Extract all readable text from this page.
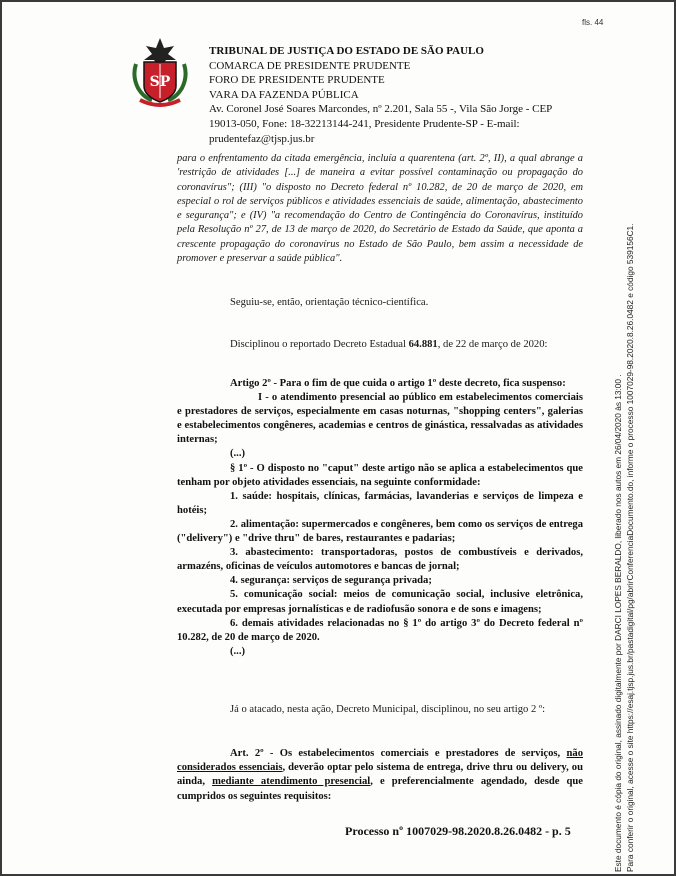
fls. 44
SP
TRIBUNAL DE JUSTIÇA DO ESTADO DE SÃO PAULO
COMARCA DE PRESIDENTE PRUDENTE
FORO DE PRESIDENTE PRUDENTE
VARA DA FAZENDA PÚBLICA
Av. Coronel José Soares Marcondes, nº 2.201, Sala 55 -, Vila São Jorge - CEP
19013-050, Fone: 18-32213144-241, Presidente Prudente-SP - E-mail:
prudentefaz@tjsp.jus.br
para o enfrentamento da citada emergência, incluía a quarentena (art. 2º, II), a qual abrange a 'restrição de atividades [...] de maneira a evitar possível contaminação ou propagação do coronavírus"; (III) "o disposto no Decreto federal nº 10.282, de 20 de março de 2020, em especial o rol de serviços públicos e atividades essenciais de saúde, alimentação, abastecimento e segurança"; e (IV) "a recomendação do Centro de Contingência do Coronavírus, instituído pela Resolução nº 27, de 13 de março de 2020, do Secretário de Estado da Saúde, que aponta a crescente propagação do coronavírus no Estado de São Paulo, bem assim a necessidade de promover e preservar a saúde pública".
Seguiu-se, então, orientação técnico-científica.
Disciplinou o reportado Decreto Estadual 64.881, de 22 de março de 2020:

Artigo 2º - Para o fim de que cuida o artigo 1º deste decreto, fica suspenso:

I - o atendimento presencial ao público em estabelecimentos comerciais e prestadores de serviços, especialmente em casas noturnas, "shopping centers", galerias e estabelecimentos congêneres, academias e centros de ginástica, ressalvadas as atividades internas;

(...)

§ 1º - O disposto no "caput" deste artigo não se aplica a estabelecimentos que tenham por objeto atividades essenciais, na seguinte conformidade:

1. saúde: hospitais, clínicas, farmácias, lavanderias e serviços de limpeza e hotéis;

2. alimentação: supermercados e congêneres, bem como os serviços de entrega ("delivery") e "drive thru" de bares, restaurantes e padarias;

3. abastecimento: transportadoras, postos de combustíveis e derivados, armazéns, oficinas de veículos automotores e bancas de jornal;

4. segurança: serviços de segurança privada;

5. comunicação social: meios de comunicação social, inclusive eletrônica, executada por empresas jornalísticas e de radiofusão sonora e de sons e imagens;

6. demais atividades relacionadas no § 1º do artigo 3º do Decreto federal nº 10.282, de 20 de março de 2020.

(...)

Já o atacado, nesta ação, Decreto Municipal, disciplinou, no seu artigo 2 º:
Art. 2º - Os estabelecimentos comerciais e prestadores de serviços, não considerados essenciais, deverão optar pelo sistema de entrega, drive thru ou delivery, ou ainda, mediante atendimento presencial, e preferencialmente agendado, desde que cumpridos os seguintes requisitos:
Processo nº 1007029-98.2020.8.26.0482 - p. 5	Este documento é cópia do original, assinado digitalmente por DARCI LOPES BERALDO, liberado nos autos em 26/04/2020 às 13:00 . Para conferir o original, acesse o site https://esaj.tjsp.jus.br/pastadigital/pg/abrirConferenciaDocumento.do, informe o processo 1007029-98.2020.8.26.0482 e código 539156C1.
